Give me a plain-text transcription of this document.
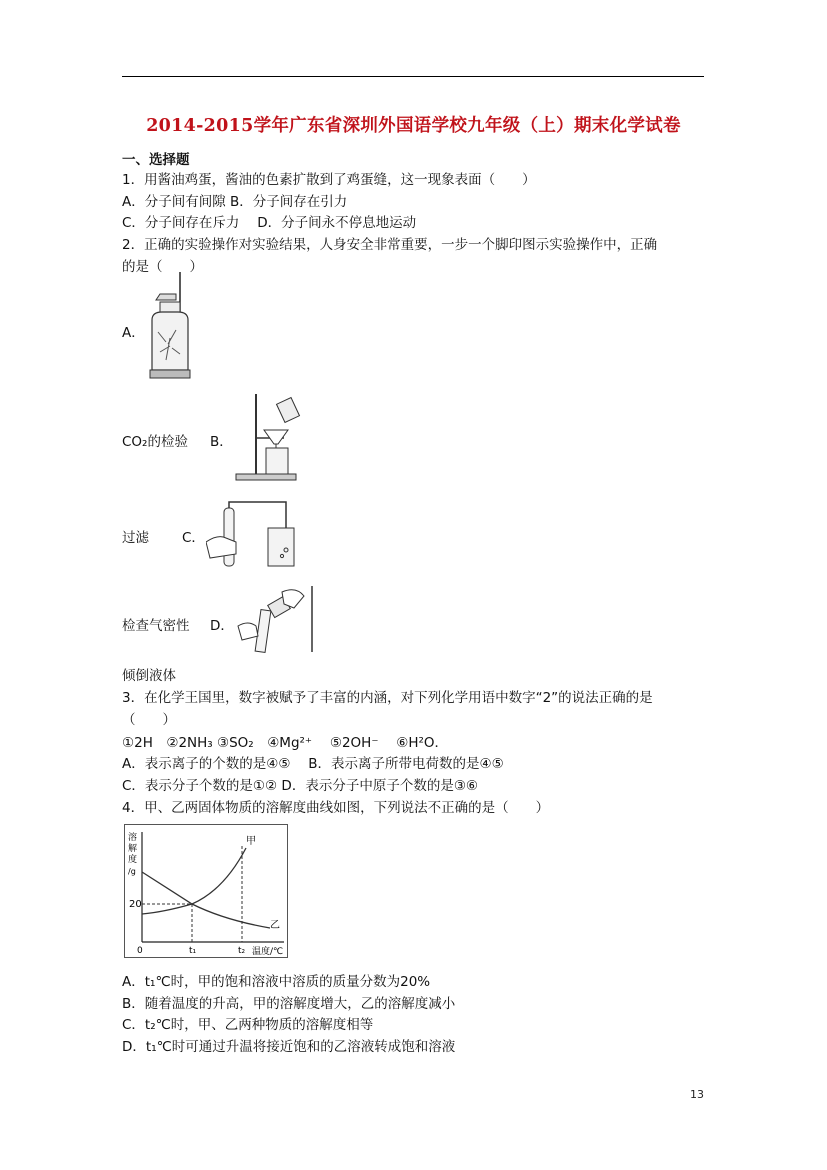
2014-2015学年广东省深圳外国语学校九年级（上）期末化学试卷
一、选择题
1．用酱油鸡蛋，酱油的色素扩散到了鸡蛋缝，这一现象表面（　　）
A．分子间有间隙 B．分子间存在引力
C．分子间存在斥力　 D．分子间永不停息地运动
2．正确的实验操作对实验结果，人身安全非常重要，一步一个脚印图示实验操作中，正确
的是（　　）
A．
CO₂的检验 B．
过滤 C．
检查气密性 D．
倾倒液体
3．在化学王国里，数字被赋予了丰富的内涵，对下列化学用语中数字“2”的说法正确的是
（　　）
①2H　②2NH₃ ③SO₂　④Mg²⁺　 ⑤2OH⁻　 ⑥H²O．
A．表示离子的个数的是④⑤　 B．表示离子所带电荷数的是④⑤
C．表示分子个数的是①② D．表示分子中原子个数的是③⑥
4．甲、乙两固体物质的溶解度曲线如图，下列说法不正确的是（　　）
溶
解
度
/g
20
0	t₁	t₂ 温度/℃
甲
乙
A．t₁℃时，甲的饱和溶液中溶质的质量分数为20%
B．随着温度的升高，甲的溶解度增大，乙的溶解度减小
C．t₂℃时，甲、乙两种物质的溶解度相等
D．t₁℃时可通过升温将接近饱和的乙溶液转成饱和溶液
13
